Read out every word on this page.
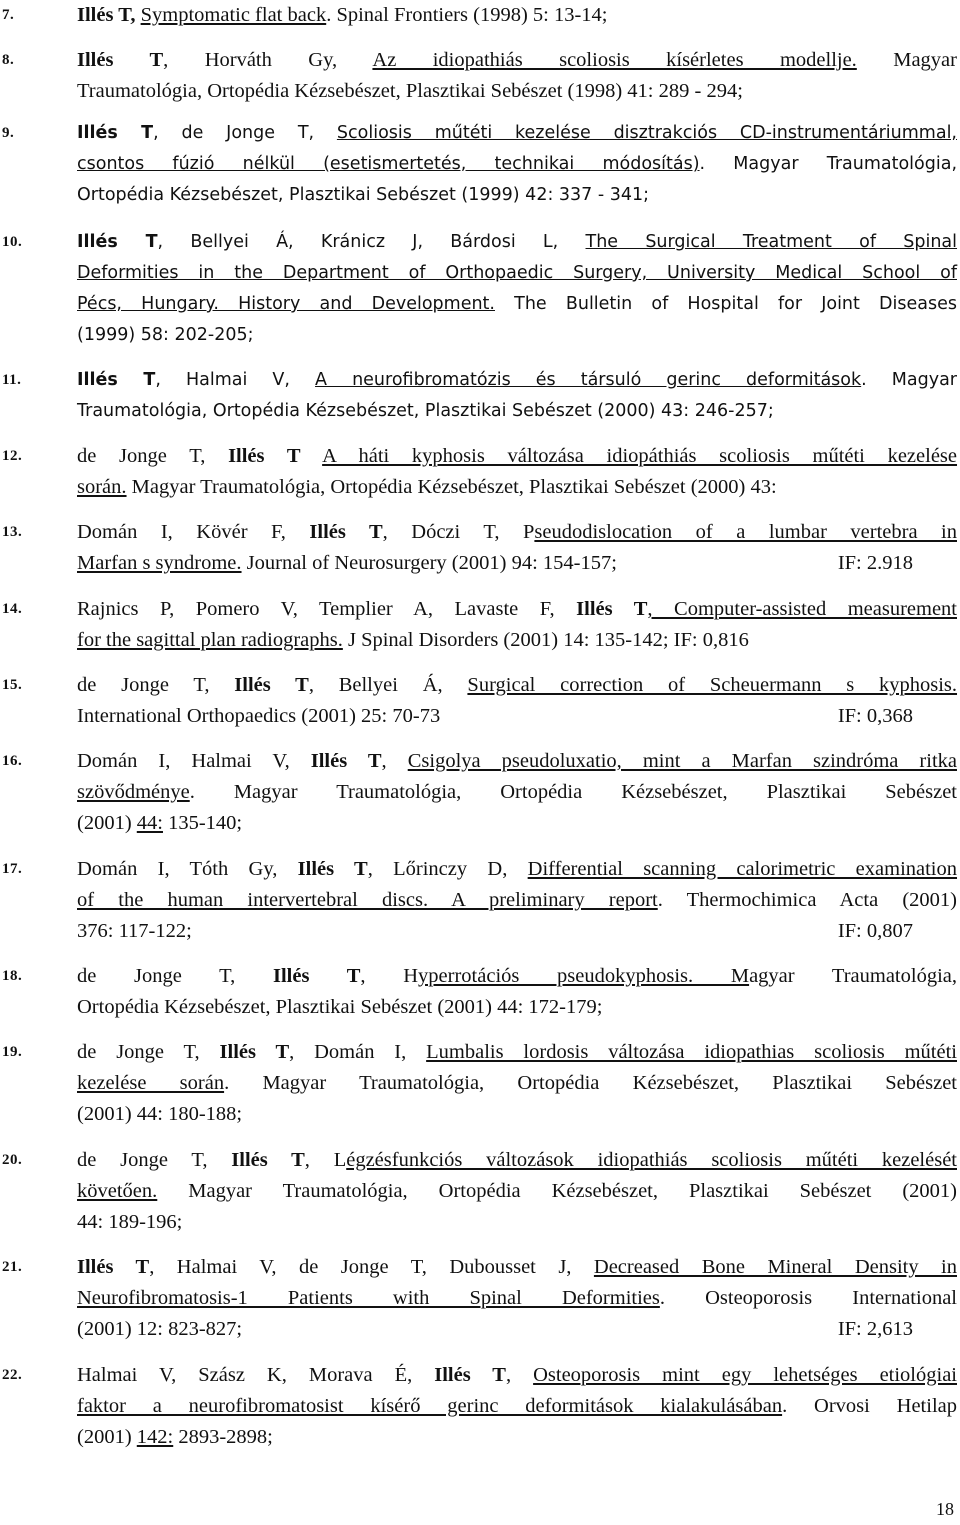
7.	Illés T, Symptomatic flat back. Spinal Frontiers (1998) 5: 13-14;
8.	Illés T, Horváth Gy, Az idiopathiás scoliosis kísérletes modellje. Magyar
Traumatológia, Ortopédia Kézsebészet, Plasztikai Sebészet (1998) 41: 289 - 294;
9.	Illés T, de Jonge T, Scoliosis műtéti kezelése disztrakciós CD-instrumentáriummal,
csontos fúzió nélkül (esetismertetés, technikai módosítás). Magyar Traumatológia,
Ortopédia Kézsebészet, Plasztikai Sebészet (1999) 42: 337 - 341;
10.	Illés T, Bellyei Á, Kránicz J, Bárdosi L, The Surgical Treatment of Spinal
Deformities in the Department of Orthopaedic Surgery, University Medical School of
Pécs, Hungary. History and Development. The Bulletin of Hospital for Joint Diseases
(1999) 58: 202-205;
11.	Illés T, Halmai V, A neurofibromatózis és társuló gerinc deformitások. Magyar
Traumatológia, Ortopédia Kézsebészet, Plasztikai Sebészet (2000) 43: 246-257;
12.	de Jonge T, Illés T A háti kyphosis változása idiopáthiás scoliosis műtéti kezelése
során. Magyar Traumatológia, Ortopédia Kézsebészet, Plasztikai Sebészet (2000) 43:
13.	Domán I, Kövér F, Illés T, Dóczi T, Pseudodislocation of a lumbar vertebra in
Marfan s syndrome. Journal of Neurosurgery (2001) 94: 154-157;	IF: 2.918
14.	Rajnics P, Pomero V, Templier A, Lavaste F, Illés T, Computer-assisted measurement
for the sagittal plan radiographs. J Spinal Disorders (2001) 14: 135-142; IF: 0,816
15.	de Jonge T, Illés T, Bellyei Á, Surgical correction of Scheuermann s kyphosis.
International Orthopaedics (2001) 25: 70-73	IF: 0,368
16.	Domán I, Halmai V, Illés T, Csigolya pseudoluxatio, mint a Marfan szindróma ritka
szövődménye. Magyar Traumatológia, Ortopédia Kézsebészet, Plasztikai Sebészet
(2001) 44: 135-140;
17.	Domán I, Tóth Gy, Illés T, Lőrinczy D, Differential scanning calorimetric examination
of the human intervertebral discs. A preliminary report. Thermochimica Acta (2001)
376: 117-122;	IF: 0,807
18.	de Jonge T, Illés T, Hyperrotációs pseudokyphosis. Magyar Traumatológia,
Ortopédia Kézsebészet, Plasztikai Sebészet (2001) 44: 172-179;
19.	de Jonge T, Illés T, Domán I, Lumbalis lordosis változása idiopathias scoliosis műtéti
kezelése során. Magyar Traumatológia, Ortopédia Kézsebészet, Plasztikai Sebészet
(2001) 44: 180-188;
20.	de Jonge T, Illés T, Légzésfunkciós változások idiopathiás scoliosis műtéti kezelését
követően. Magyar Traumatológia, Ortopédia Kézsebészet, Plasztikai Sebészet (2001)
44: 189-196;
21.	Illés T, Halmai V, de Jonge T, Dubousset J, Decreased Bone Mineral Density in
Neurofibromatosis-1 Patients with Spinal Deformities. Osteoporosis International
(2001) 12: 823-827;	IF: 2,613
22.	Halmai V, Szász K, Morava É, Illés T, Osteoporosis mint egy lehetséges etiológiai
faktor a neurofibromatosist kísérő gerinc deformitások kialakulásában. Orvosi Hetilap
(2001) 142: 2893-2898;
18
